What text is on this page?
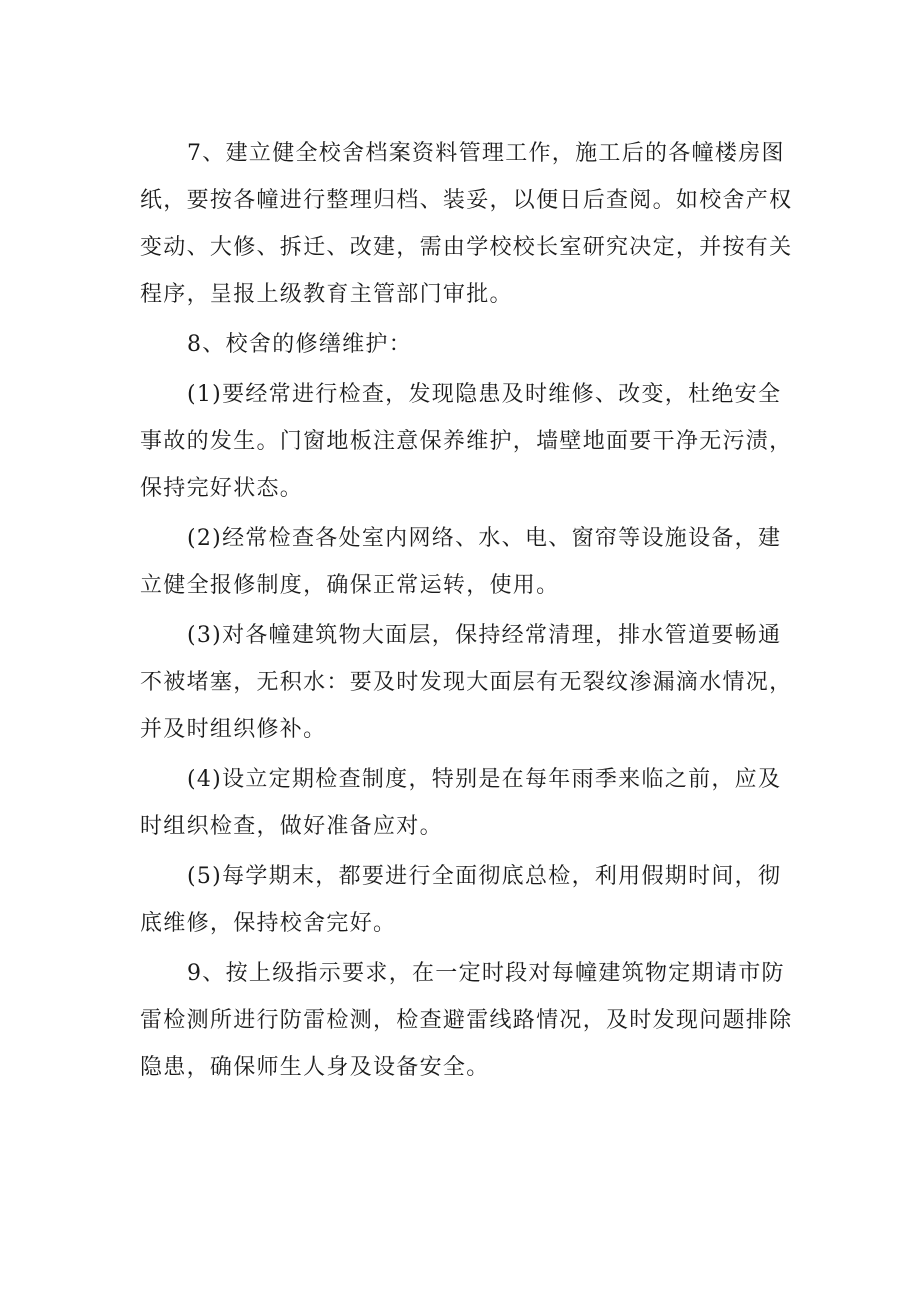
7、建立健全校舍档案资料管理工作，施工后的各幢楼房图
纸，要按各幢进行整理归档、装妥，以便日后查阅。如校舍产权
变动、大修、拆迁、改建，需由学校校长室研究决定，并按有关
程序，呈报上级教育主管部门审批。

8、校舍的修缮维护：

(1)要经常进行检查，发现隐患及时维修、改变，杜绝安全
事故的发生。门窗地板注意保养维护，墙壁地面要干净无污渍，
保持完好状态。

(2)经常检查各处室内网络、水、电、窗帘等设施设备，建
立健全报修制度，确保正常运转，使用。

(3)对各幢建筑物大面层，保持经常清理，排水管道要畅通
不被堵塞，无积水：要及时发现大面层有无裂纹渗漏滴水情况，
并及时组织修补。

(4)设立定期检查制度，特别是在每年雨季来临之前，应及
时组织检查，做好准备应对。

(5)每学期末，都要进行全面彻底总检，利用假期时间，彻
底维修，保持校舍完好。

9、按上级指示要求，在一定时段对每幢建筑物定期请市防
雷检测所进行防雷检测，检查避雷线路情况，及时发现问题排除
隐患，确保师生人身及设备安全。
